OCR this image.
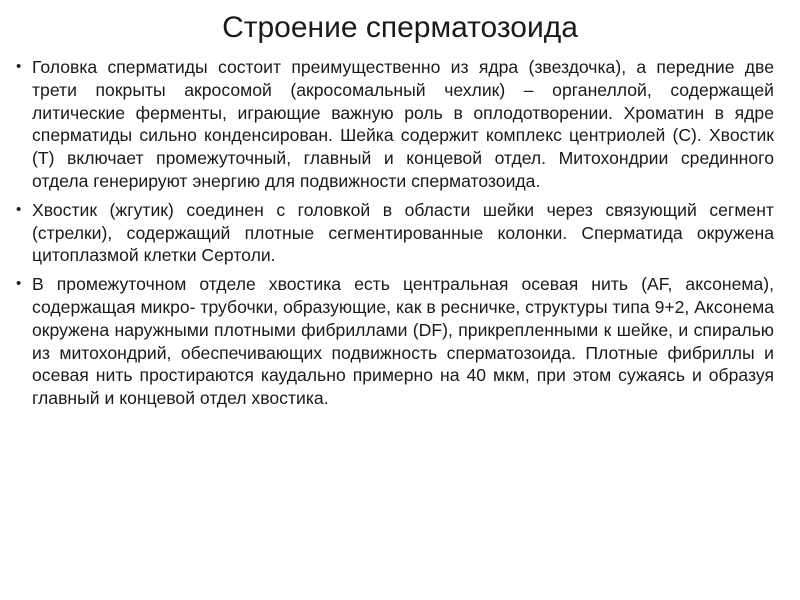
Строение сперматозоида
• Головка сперматиды состоит преимущественно из ядра (звездочка), а передние две трети покрыты акросомой (акросомальный чехлик) – органеллой, содержащей литические ферменты, играющие важную роль в оплодотворении. Хроматин в ядре сперматиды сильно конденсирован. Шейка содержит комплекс центриолей (C). Хвостик (T) включает промежуточный, главный и концевой отдел. Митохондрии срединного отдела генерируют энергию для подвижности сперматозоида.
• Хвостик (жгутик) соединен с головкой в области шейки через связующий сегмент (стрелки), содержащий плотные сегментированные колонки. Сперматида окружена цитоплазмой клетки Сертоли.
• В промежуточном отделе хвостика есть центральная осевая нить (AF, аксонема), содержащая микро- трубочки, образующие, как в ресничке, структуры типа 9+2, Аксонема окружена наружными плотными фибриллами (DF), прикрепленными к шейке, и спиралью из митохондрий, обеспечивающих подвижность сперматозоида. Плотные фибриллы и осевая нить простираются каудально примерно на 40 мкм, при этом сужаясь и образуя главный и концевой отдел хвостика.
